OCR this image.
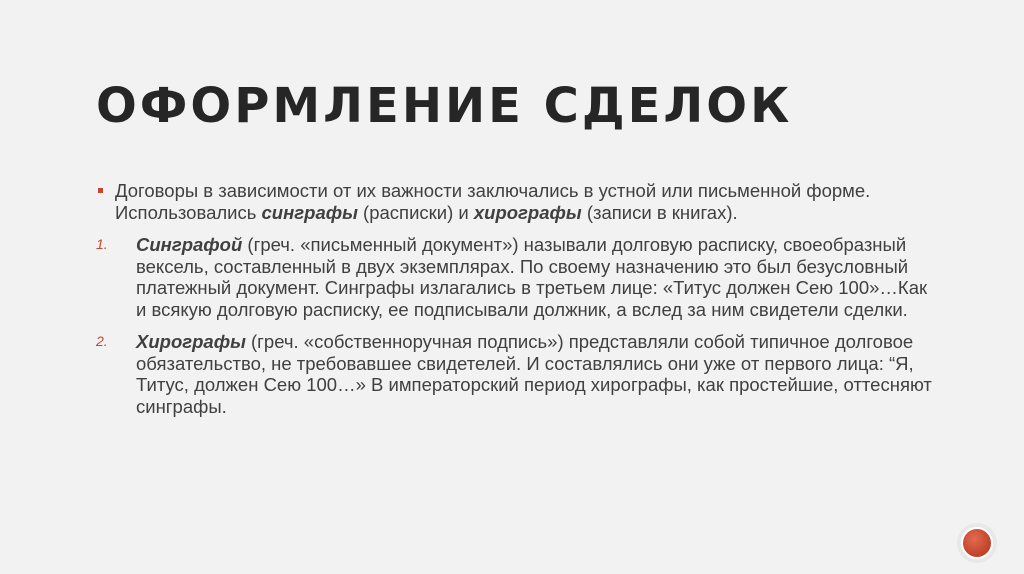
ОФОРМЛЕНИЕ СДЕЛОК
Договоры в зависимости от их важности заключались в устной или письменной форме. Использовались синграфы (расписки) и хирографы (записи в книгах).
1. Синграфой (греч. «письменный документ») называли долговую расписку, своеобразный вексель, составленный в двух экземплярах. По своему назначению это был безусловный платежный документ. Синграфы излагались в третьем лице: «Титус должен Сею 100»…Как и всякую долговую расписку, ее подписывали должник, а вслед за ним свидетели сделки.
2. Хирографы (греч. «собственноручная подпись») представляли собой типичное долговое обязательство, не требовавшее свидетелей. И составлялись они уже от первого лица: “Я, Титус, должен Сею 100…» В императорский период хирографы, как простейшие, оттесняют синграфы.
